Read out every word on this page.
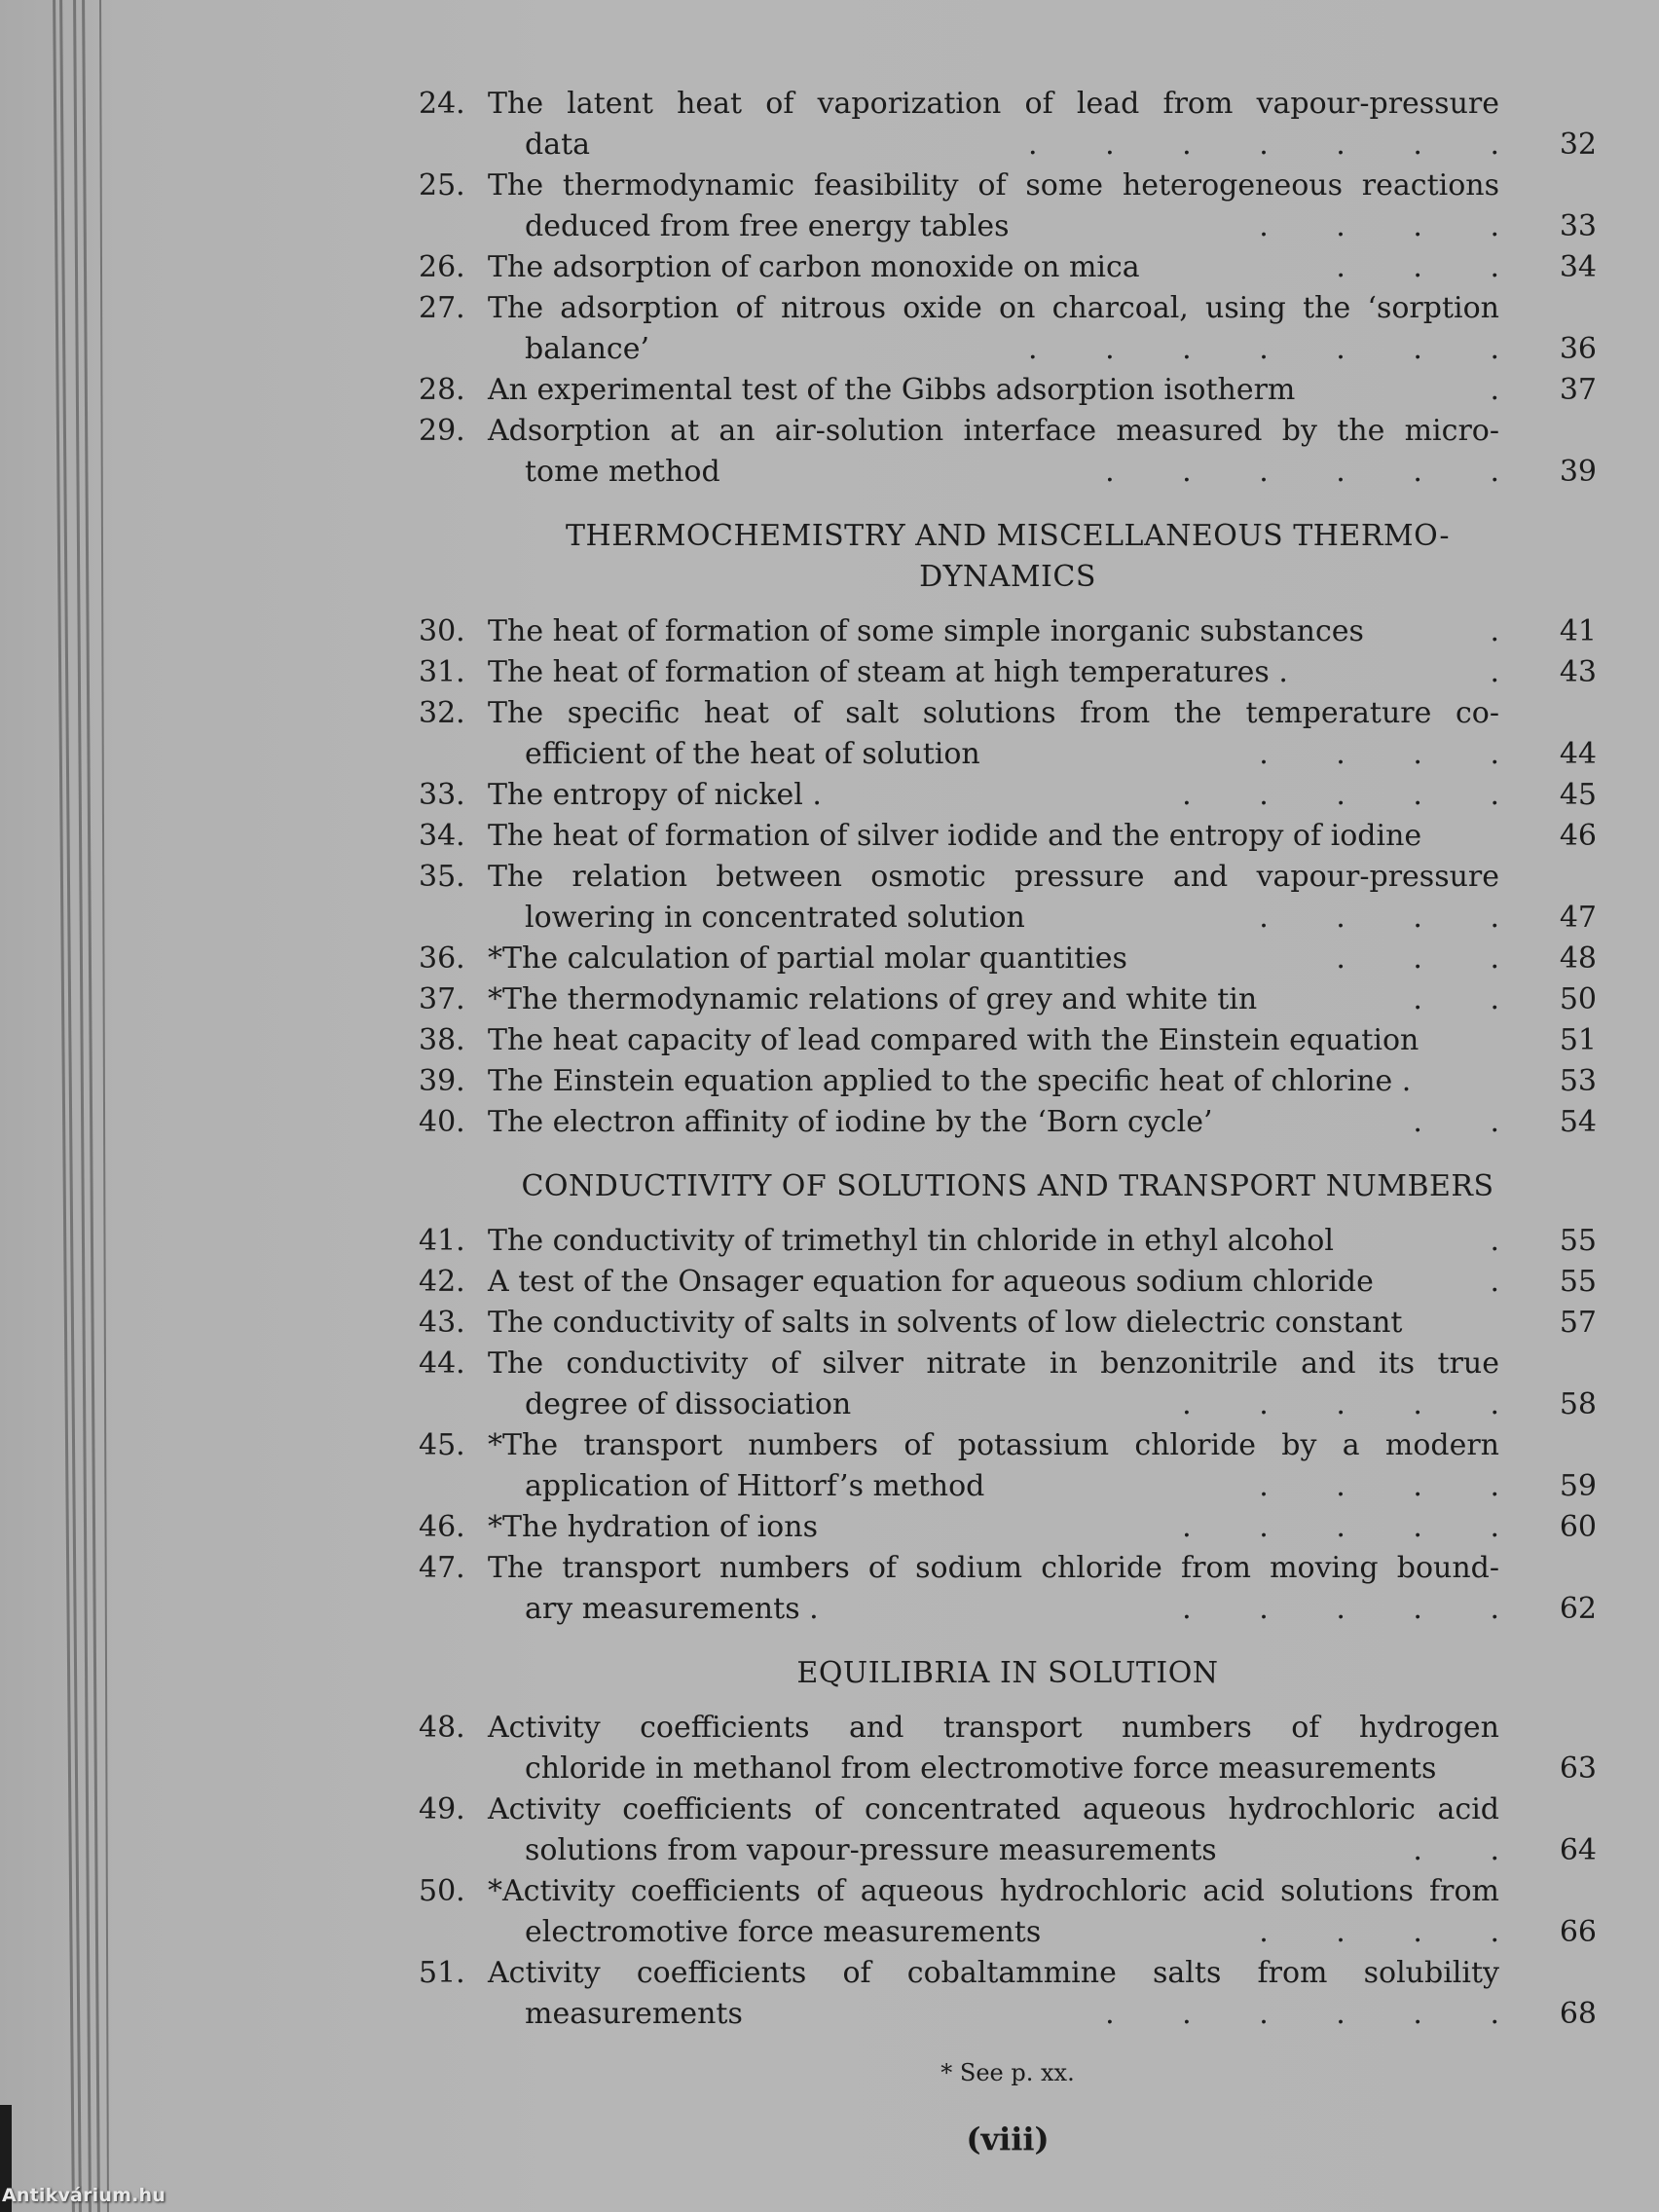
24. The latent heat of vaporization of lead from vapour-pressure
data	.   .   .   .   .   .   .	32
25. The thermodynamic feasibility of some heterogeneous reactions
deduced from free energy tables	.   .   .   .	33
26. The adsorption of carbon monoxide on mica	.   .   .	34
27. The adsorption of nitrous oxide on charcoal, using the ‘sorption
balance’	.   .   .   .   .   .   .	36
28. An experimental test of the Gibbs adsorption isotherm	.	37
29. Adsorption at an air-solution interface measured by the micro-
tome method	.   .   .   .   .   .	39
THERMOCHEMISTRY AND MISCELLANEOUS THERMO-
DYNAMICS
30. The heat of formation of some simple inorganic substances	.	41
31. The heat of formation of steam at high temperatures .	.	43
32. The specific heat of salt solutions from the temperature co-
efficient of the heat of solution	.   .   .   .	44
33. The entropy of nickel .	.   .   .   .   .	45
34. The heat of formation of silver iodide and the entropy of iodine	46
35. The relation between osmotic pressure and vapour-pressure
lowering in concentrated solution	.   .   .   .	47
36. *The calculation of partial molar quantities	.   .   .	48
37. *The thermodynamic relations of grey and white tin	.   .	50
38. The heat capacity of lead compared with the Einstein equation	51
39. The Einstein equation applied to the specific heat of chlorine .	53
40. The electron affinity of iodine by the ‘Born cycle’	.   .	54
CONDUCTIVITY OF SOLUTIONS AND TRANSPORT NUMBERS
41. The conductivity of trimethyl tin chloride in ethyl alcohol	.	55
42. A test of the Onsager equation for aqueous sodium chloride	.	55
43. The conductivity of salts in solvents of low dielectric constant	57
44. The conductivity of silver nitrate in benzonitrile and its true
degree of dissociation	.   .   .   .   .	58
45. *The transport numbers of potassium chloride by a modern
application of Hittorf’s method	.   .   .   .	59
46. *The hydration of ions	.   .   .   .   .	60
47. The transport numbers of sodium chloride from moving bound-
ary measurements .	.   .   .   .   .	62
EQUILIBRIA IN SOLUTION
48. Activity coefficients and transport numbers of hydrogen
chloride in methanol from electromotive force measurements	63
49. Activity coefficients of concentrated aqueous hydrochloric acid
solutions from vapour-pressure measurements	.   .	64
50. *Activity coefficients of aqueous hydrochloric acid solutions from
electromotive force measurements	.   .   .   .	66
51. Activity coefficients of cobaltammine salts from solubility
measurements	.   .   .   .   .   .	68
* See p. xx.
(viii)
Antikvárium.hu
